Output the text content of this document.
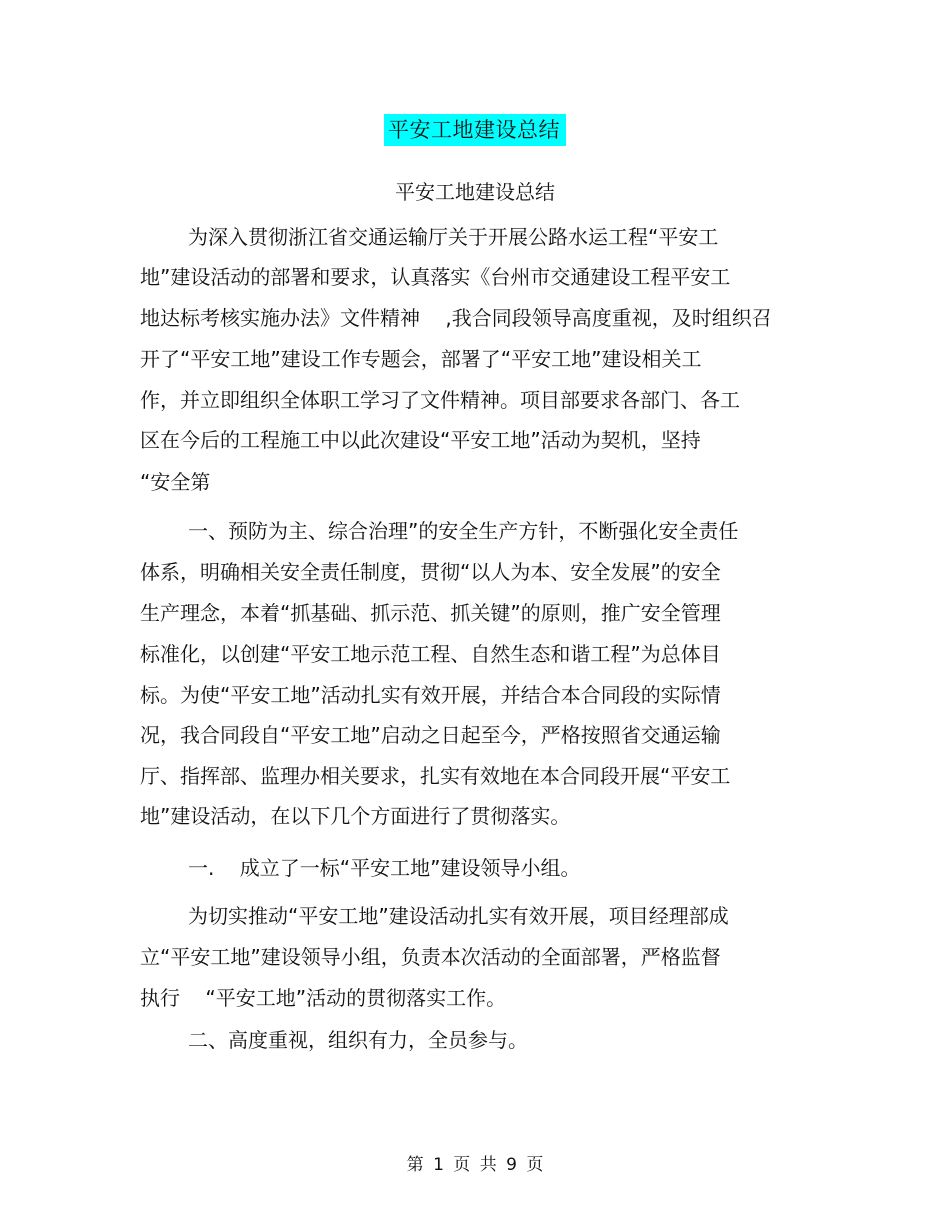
平安工地建设总结
平安工地建设总结
为深入贯彻浙江省交通运输厅关于开展公路水运工程“平安工
地”建设活动的部署和要求，认真落实《台州市交通建设工程平安工
地达标考核实施办法》文件精神    ,我合同段领导高度重视，及时组织召
开了“平安工地”建设工作专题会，部署了“平安工地”建设相关工
作，并立即组织全体职工学习了文件精神。项目部要求各部门、各工
区在今后的工程施工中以此次建设“平安工地”活动为契机，坚持
“安全第
一、预防为主、综合治理”的安全生产方针，不断强化安全责任
体系，明确相关安全责任制度，贯彻“以人为本、安全发展”的安全
生产理念，本着“抓基础、抓示范、抓关键”的原则，推广安全管理
标准化，以创建“平安工地示范工程、自然生态和谐工程”为总体目
标。为使“平安工地”活动扎实有效开展，并结合本合同段的实际情
况，我合同段自“平安工地”启动之日起至今，严格按照省交通运输
厅、指挥部、监理办相关要求，扎实有效地在本合同段开展“平安工
地”建设活动，在以下几个方面进行了贯彻落实。
一.    成立了一标“平安工地”建设领导小组。
为切实推动“平安工地”建设活动扎实有效开展，项目经理部成
立“平安工地”建设领导小组，负责本次活动的全面部署，严格监督
执行    “平安工地”活动的贯彻落实工作。
二、高度重视，组织有力，全员参与。
第 1 页 共 9 页
